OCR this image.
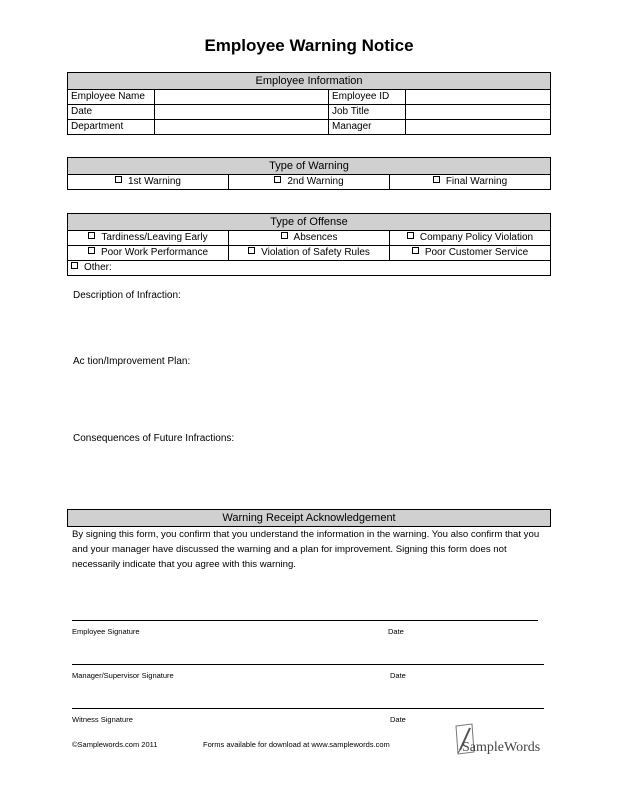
Employee Warning Notice
Employee Information
Employee Name	Employee ID
Date	Job Title
Department	Manager
Type of Warning
1st Warning	2nd Warning	Final Warning
Type of Offense
Tardiness/Leaving Early	Absences	Company Policy Violation
Poor Work Performance	Violation of Safety Rules	Poor Customer Service
Other:
Description of Infraction:
Ac tion/Improvement Plan:
Consequences of Future Infractions:
Warning Receipt Acknowledgement
By signing this form, you confirm that you understand the information in the warning. You also confirm that you and your manager have discussed the warning and a plan for improvement. Signing this form does not necessarily indicate that you agree with this warning.
Employee Signature	Date
Manager/Supervisor Signature	Date
Witness Signature	Date
©Samplewords.com 2011	Forms available for download at www.samplewords.com	SampleWords
